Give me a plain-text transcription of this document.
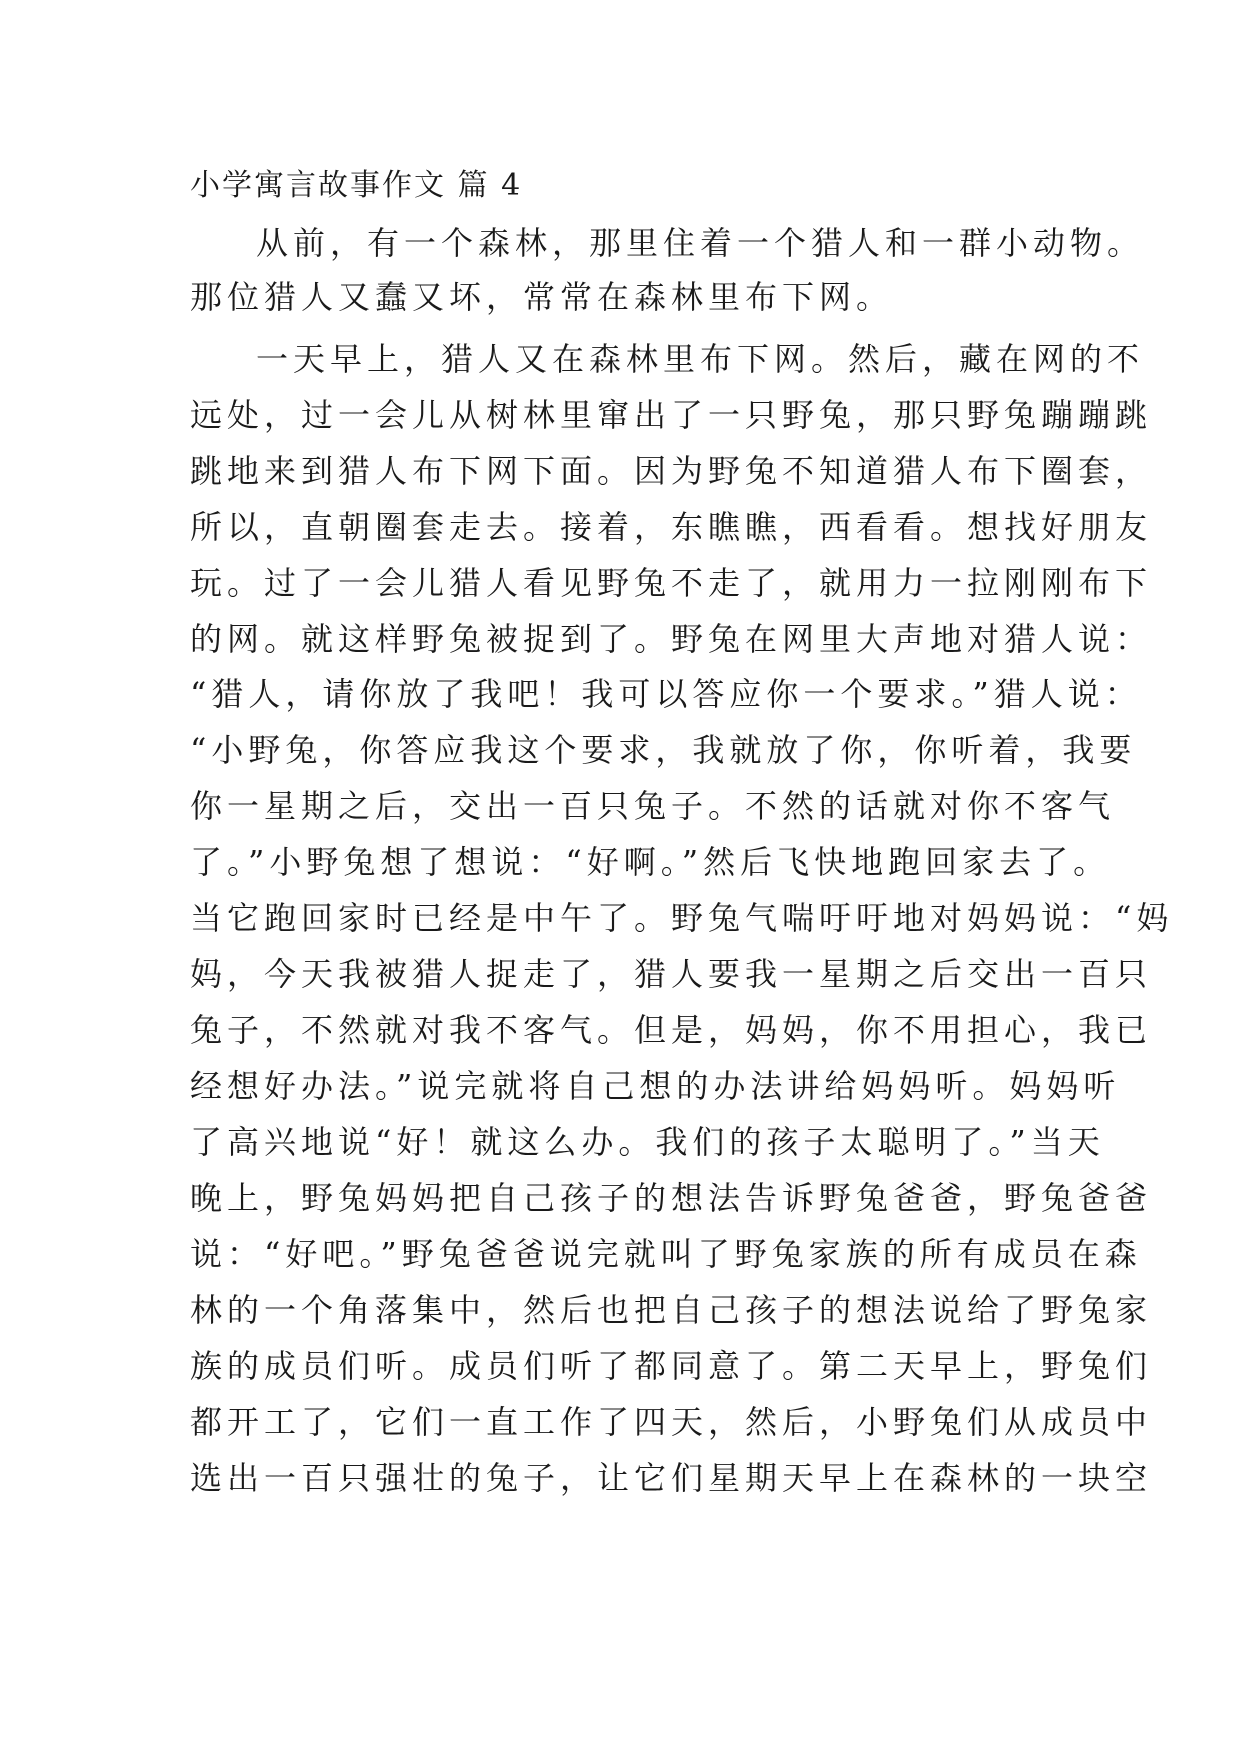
小学寓言故事作文 篇 4
从前，有一个森林，那里住着一个猎人和一群小动物。
那位猎人又蠢又坏，常常在森林里布下网。
一天早上，猎人又在森林里布下网。然后，藏在网的不
远处，过一会儿从树林里窜出了一只野兔，那只野兔蹦蹦跳
跳地来到猎人布下网下面。因为野兔不知道猎人布下圈套，
所以，直朝圈套走去。接着，东瞧瞧，西看看。想找好朋友
玩。过了一会儿猎人看见野兔不走了，就用力一拉刚刚布下
的网。就这样野兔被捉到了。野兔在网里大声地对猎人说：
“猎人，请你放了我吧！我可以答应你一个要求。”猎人说：
“小野兔，你答应我这个要求，我就放了你，你听着，我要
你一星期之后，交出一百只兔子。不然的话就对你不客气
了。”小野兔想了想说：“好啊。”然后飞快地跑回家去了。
当它跑回家时已经是中午了。野兔气喘吁吁地对妈妈说：“妈
妈，今天我被猎人捉走了，猎人要我一星期之后交出一百只
兔子，不然就对我不客气。但是，妈妈，你不用担心，我已
经想好办法。”说完就将自己想的办法讲给妈妈听。妈妈听
了高兴地说“好！就这么办。我们的孩子太聪明了。”当天
晚上，野兔妈妈把自己孩子的想法告诉野兔爸爸，野兔爸爸
说：“好吧。”野兔爸爸说完就叫了野兔家族的所有成员在森
林的一个角落集中，然后也把自己孩子的想法说给了野兔家
族的成员们听。成员们听了都同意了。第二天早上，野兔们
都开工了，它们一直工作了四天，然后，小野兔们从成员中
选出一百只强壮的兔子，让它们星期天早上在森林的一块空
